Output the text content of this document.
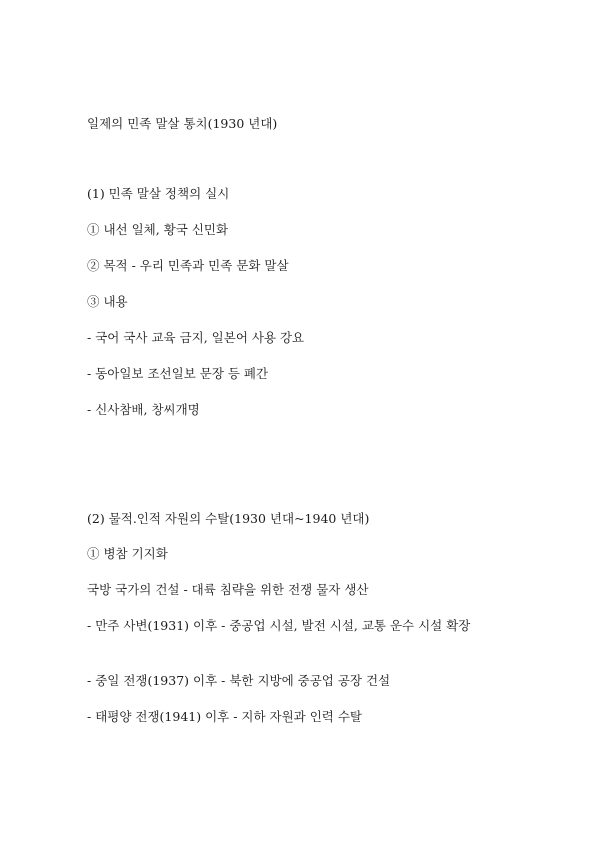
일제의 민족 말살 통치(1930 년대)
(1) 민족 말살 정책의 실시
① 내선 일체, 황국 신민화
② 목적 - 우리 민족과 민족 문화 말살
③ 내용
- 국어 국사 교육 금지, 일본어 사용 강요
- 동아일보 조선일보 문장 등 폐간
- 신사참배, 창씨개명
(2) 물적.인적 자원의 수탈(1930 년대~1940 년대)
① 병참 기지화
국방 국가의 건설 - 대륙 침략을 위한 전쟁 물자 생산
- 만주 사변(1931) 이후 - 중공업 시설, 발전 시설, 교통 운수 시설 확장
- 중일 전쟁(1937) 이후 - 북한 지방에 중공업 공장 건설
- 태평양 전쟁(1941) 이후 - 지하 자원과 인력 수탈
